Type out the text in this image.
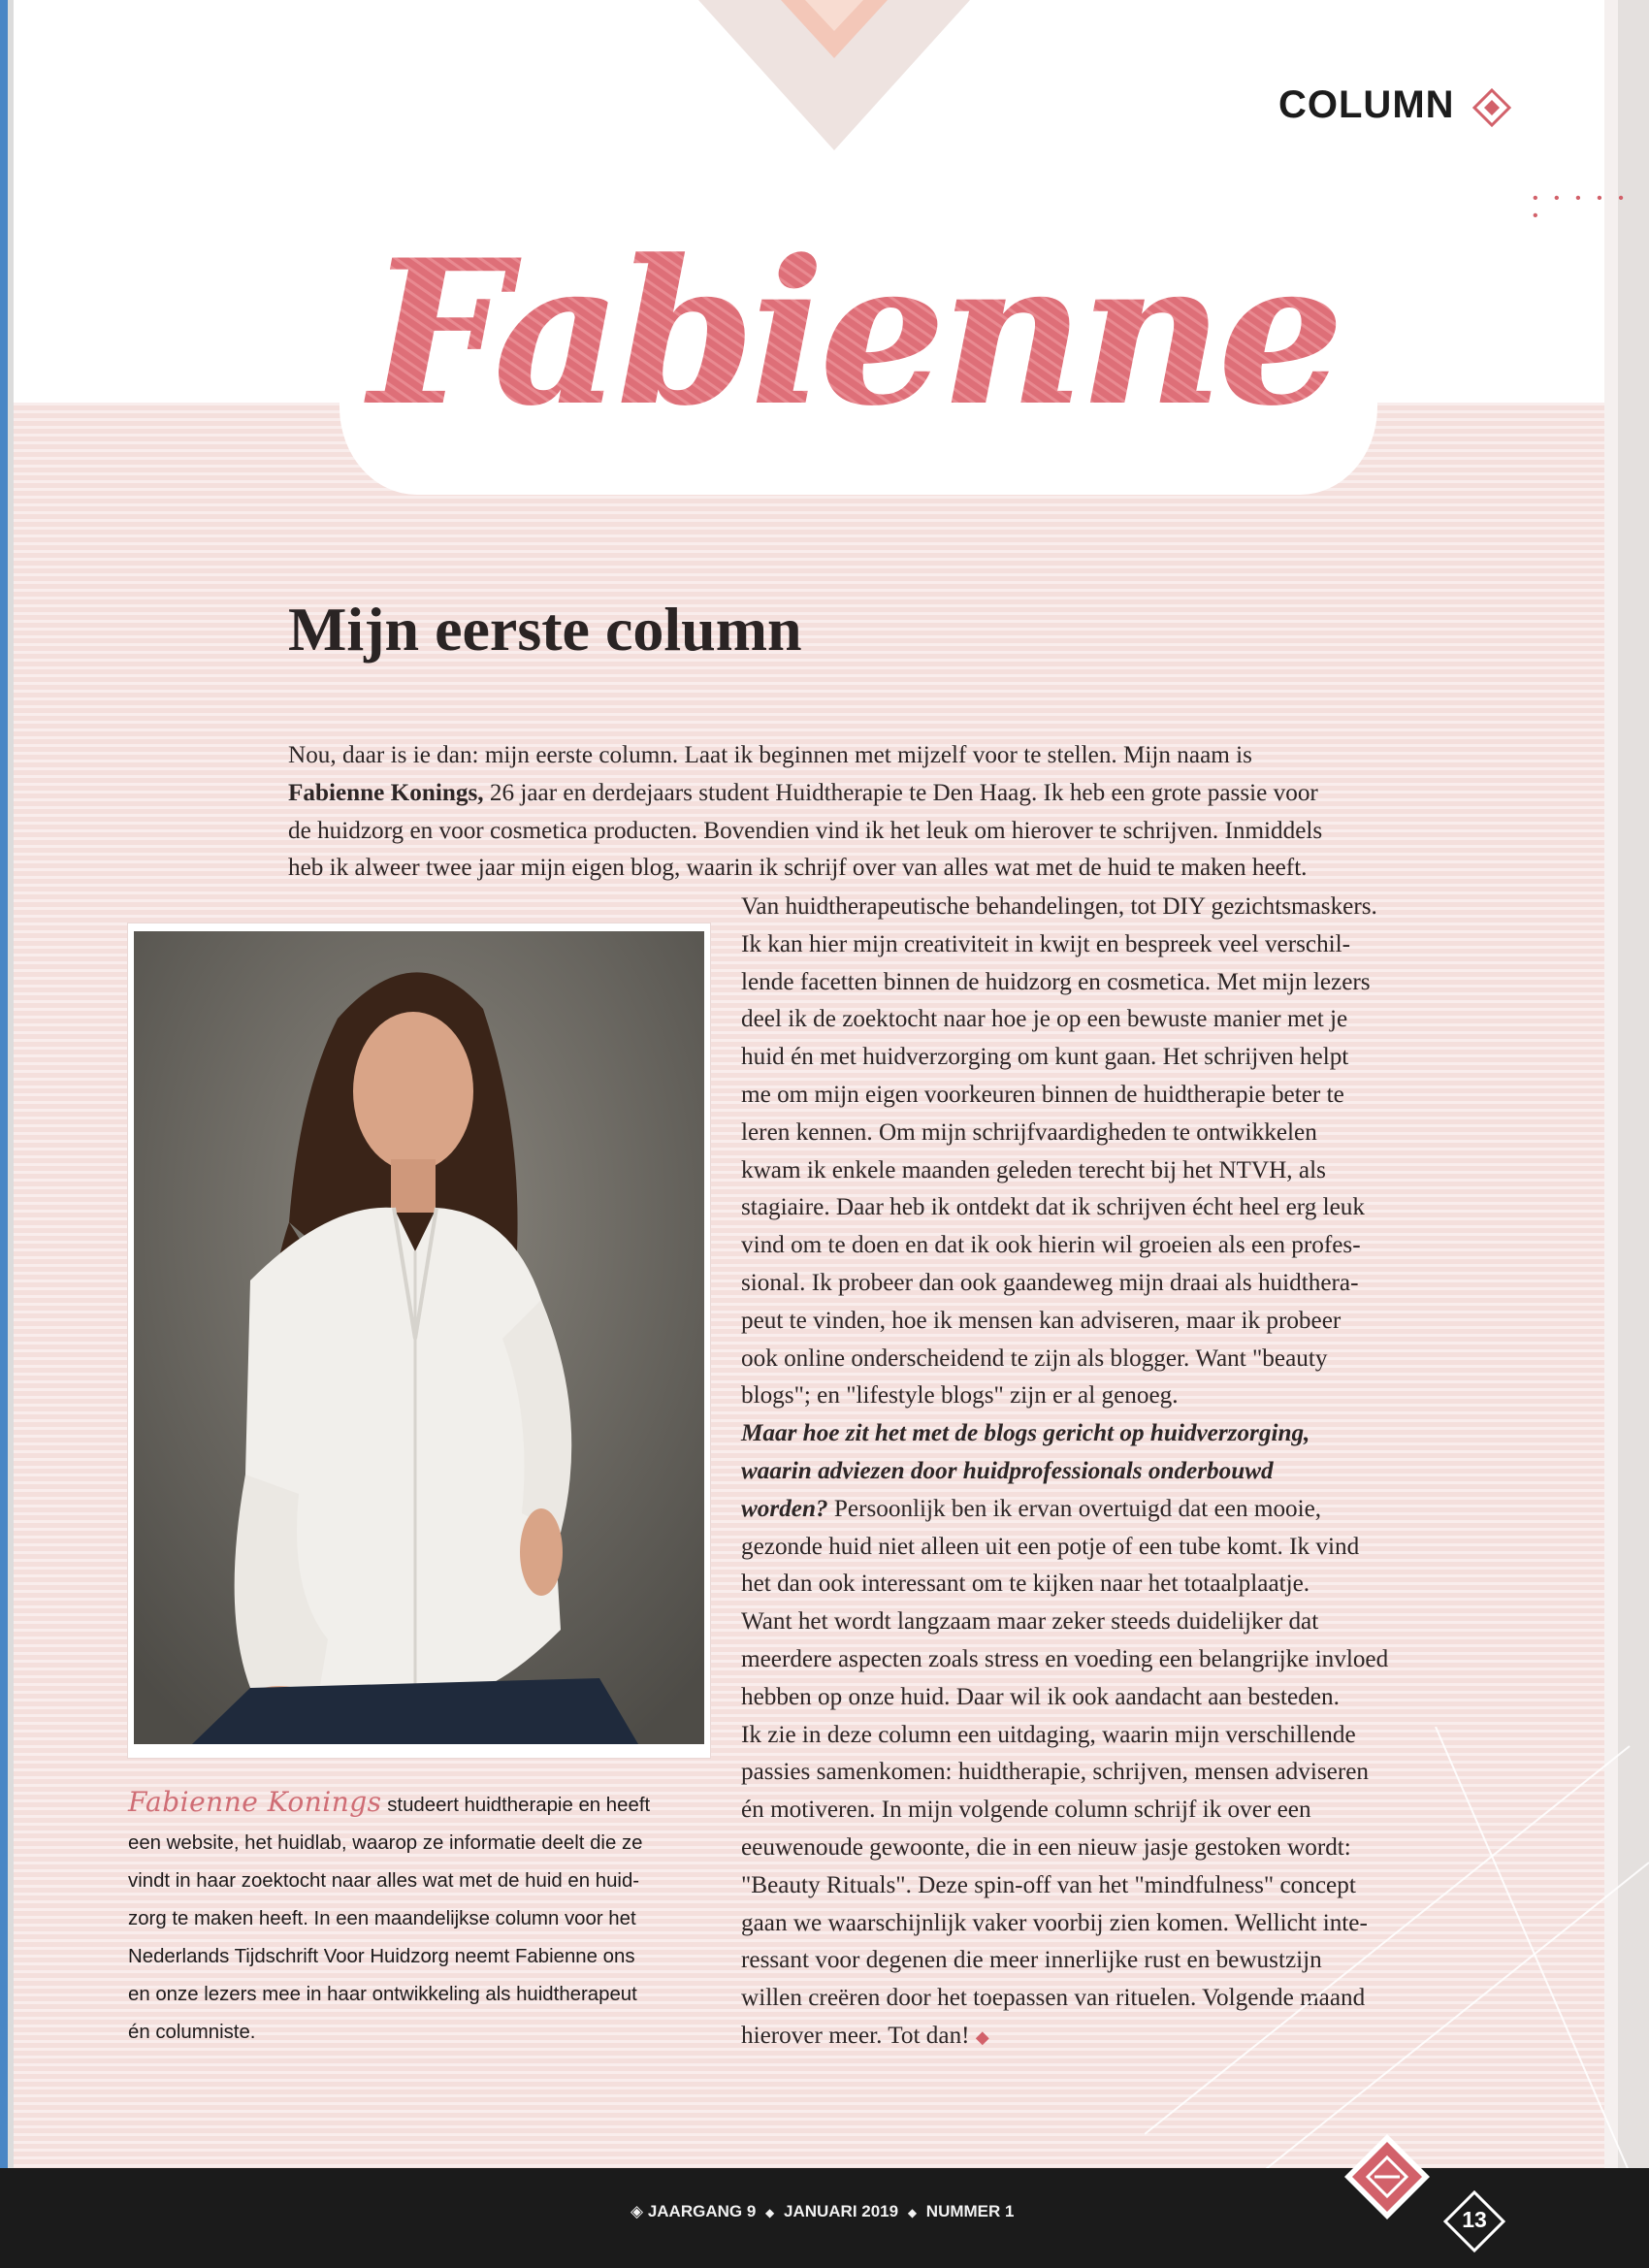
COLUMN
• • • • • •
Fabienne
Mijn eerste column

Nou, daar is ie dan: mijn eerste column. Laat ik beginnen met mijzelf voor te stellen. Mijn naam is

Fabienne Konings, 26 jaar en derdejaars student Huidtherapie te Den Haag. Ik heb een grote passie voor

de huidzorg en voor cosmetica producten. Bovendien vind ik het leuk om hierover te schrijven. Inmiddels

heb ik alweer twee jaar mijn eigen blog, waarin ik schrijf over van alles wat met de huid te maken heeft.

Van huidtherapeutische behandelingen, tot DIY gezichtsmaskers.

Ik kan hier mijn creativiteit in kwijt en bespreek veel verschil-

lende facetten binnen de huidzorg en cosmetica. Met mijn lezers

deel ik de zoektocht naar hoe je op een bewuste manier met je

huid én met huidverzorging om kunt gaan. Het schrijven helpt

me om mijn eigen voorkeuren binnen de huidtherapie beter te

leren kennen. Om mijn schrijfvaardigheden te ontwikkelen

kwam ik enkele maanden geleden terecht bij het NTVH, als

stagiaire. Daar heb ik ontdekt dat ik schrijven écht heel erg leuk

vind om te doen en dat ik ook hierin wil groeien als een profes-

sional. Ik probeer dan ook gaandeweg mijn draai als huidthera-

peut te vinden, hoe ik mensen kan adviseren, maar ik probeer

ook online onderscheidend te zijn als blogger. Want "beauty

blogs"; en "lifestyle blogs" zijn er al genoeg.

Maar hoe zit het met de blogs gericht op huidverzorging,

waarin adviezen door huidprofessionals onderbouwd

worden? Persoonlijk ben ik ervan overtuigd dat een mooie,

gezonde huid niet alleen uit een potje of een tube komt. Ik vind

het dan ook interessant om te kijken naar het totaalplaatje.

Want het wordt langzaam maar zeker steeds duidelijker dat

meerdere aspecten zoals stress en voeding een belangrijke invloed

hebben op onze huid. Daar wil ik ook aandacht aan besteden.

Ik zie in deze column een uitdaging, waarin mijn verschillende

passies samenkomen: huidtherapie, schrijven, mensen adviseren

én motiveren. In mijn volgende column schrijf ik over een

eeuwenoude gewoonte, die in een nieuw jasje gestoken wordt:

"Beauty Rituals". Deze spin-off van het "mindfulness" concept

gaan we waarschijnlijk vaker voorbij zien komen. Wellicht inte-

ressant voor degenen die meer innerlijke rust en bewustzijn

willen creëren door het toepassen van rituelen. Volgende maand

hierover meer. Tot dan! ◆

Fabienne Konings studeert huidtherapie en heeft

een website, het huidlab, waarop ze informatie deelt die ze

vindt in haar zoektocht naar alles wat met de huid en huid-

zorg te maken heeft. In een maandelijkse column voor het

Nederlands Tijdschrift Voor Huidzorg neemt Fabienne ons

en onze lezers mee in haar ontwikkeling als huidtherapeut

én columniste.

◈ JAARGANG 9 ◆ JANUARI 2019 ◆ NUMMER 1	13
